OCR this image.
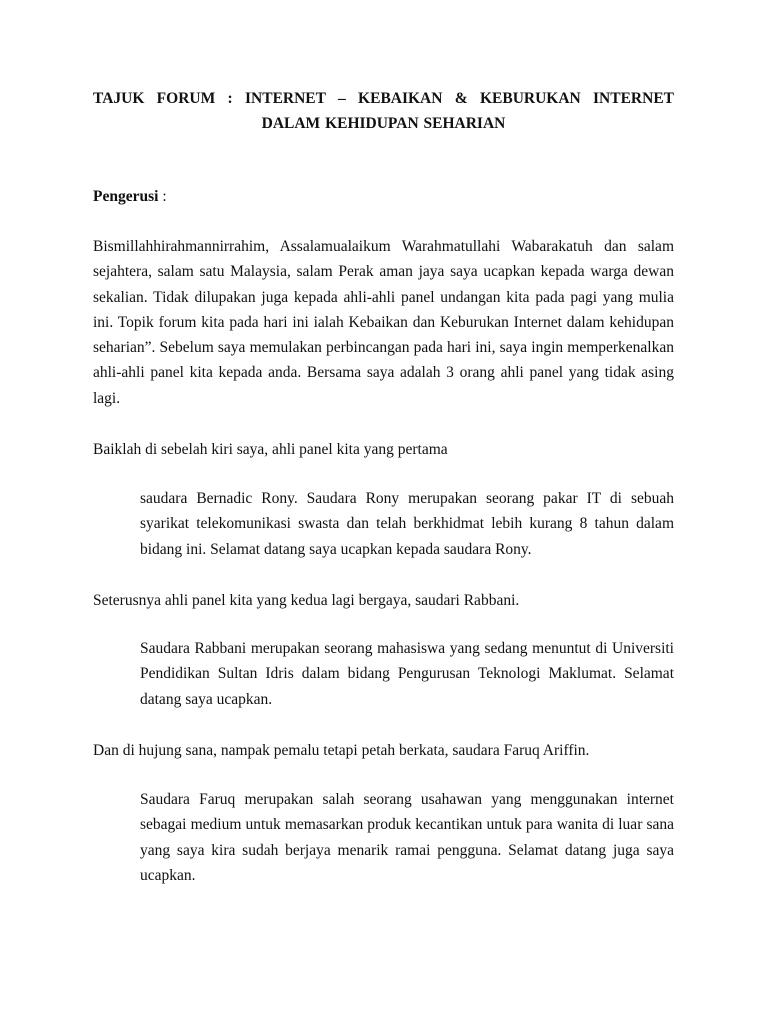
TAJUK FORUM : INTERNET – KEBAIKAN & KEBURUKAN INTERNET
DALAM KEHIDUPAN SEHARIAN
Pengerusi :

Bismillahhirahmannirrahim, Assalamualaikum Warahmatullahi Wabarakatuh dan salam sejahtera, salam satu Malaysia, salam Perak aman jaya saya ucapkan kepada warga dewan sekalian. Tidak dilupakan juga kepada ahli-ahli panel undangan kita pada pagi yang mulia ini. Topik forum kita pada hari ini ialah Kebaikan dan Keburukan Internet dalam kehidupan seharian”. Sebelum saya memulakan perbincangan pada hari ini, saya ingin memperkenalkan ahli-ahli panel kita kepada anda. Bersama saya adalah 3 orang ahli panel yang tidak asing lagi.

Baiklah di sebelah kiri saya, ahli panel kita yang pertama

saudara Bernadic Rony. Saudara Rony merupakan seorang pakar IT di sebuah syarikat telekomunikasi swasta dan telah berkhidmat lebih kurang 8 tahun dalam bidang ini. Selamat datang saya ucapkan kepada saudara Rony.

Seterusnya ahli panel kita yang kedua lagi bergaya, saudari Rabbani.

Saudara Rabbani merupakan seorang mahasiswa yang sedang menuntut di Universiti Pendidikan Sultan Idris dalam bidang Pengurusan Teknologi Maklumat. Selamat datang saya ucapkan.

Dan di hujung sana, nampak pemalu tetapi petah berkata, saudara Faruq Ariffin.

Saudara Faruq merupakan salah seorang usahawan yang menggunakan internet sebagai medium untuk memasarkan produk kecantikan untuk para wanita di luar sana yang saya kira sudah berjaya menarik ramai pengguna. Selamat datang juga saya ucapkan.
